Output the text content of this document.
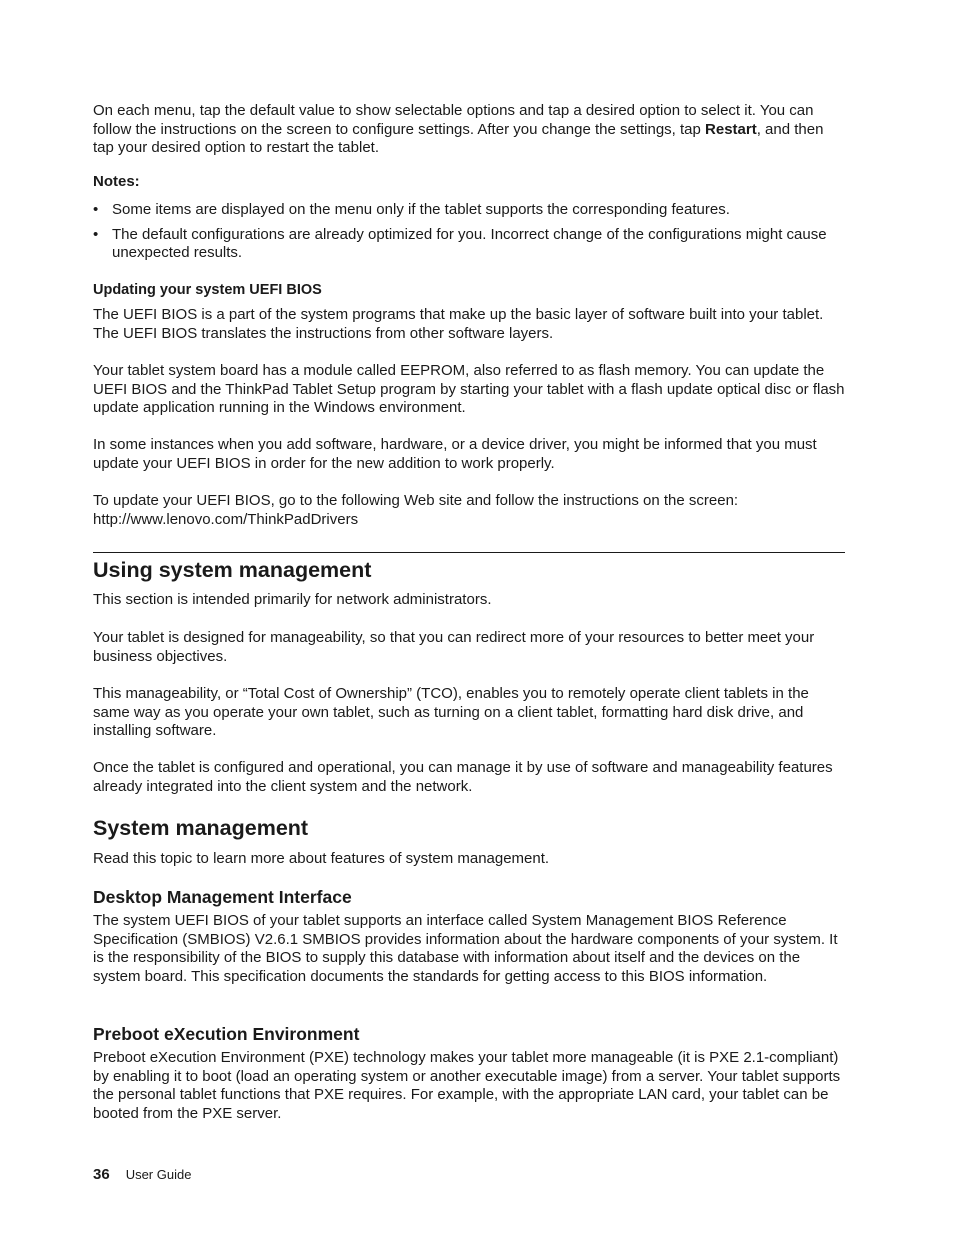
On each menu, tap the default value to show selectable options and tap a desired option to select it. You can follow the instructions on the screen to configure settings. After you change the settings, tap Restart, and then tap your desired option to restart the tablet.

Notes:

• Some items are displayed on the menu only if the tablet supports the corresponding features.
• The default configurations are already optimized for you. Incorrect change of the configurations might cause unexpected results.

Updating your system UEFI BIOS

The UEFI BIOS is a part of the system programs that make up the basic layer of software built into your tablet. The UEFI BIOS translates the instructions from other software layers.

Your tablet system board has a module called EEPROM, also referred to as flash memory. You can update the UEFI BIOS and the ThinkPad Tablet Setup program by starting your tablet with a flash update optical disc or flash update application running in the Windows environment.

In some instances when you add software, hardware, or a device driver, you might be informed that you must update your UEFI BIOS in order for the new addition to work properly.

To update your UEFI BIOS, go to the following Web site and follow the instructions on the screen:
http://www.lenovo.com/ThinkPadDrivers

Using system management

This section is intended primarily for network administrators.

Your tablet is designed for manageability, so that you can redirect more of your resources to better meet your business objectives.

This manageability, or “Total Cost of Ownership” (TCO), enables you to remotely operate client tablets in the same way as you operate your own tablet, such as turning on a client tablet, formatting hard disk drive, and installing software.

Once the tablet is configured and operational, you can manage it by use of software and manageability features already integrated into the client system and the network.

System management

Read this topic to learn more about features of system management.

Desktop Management Interface

The system UEFI BIOS of your tablet supports an interface called System Management BIOS Reference Specification (SMBIOS) V2.6.1 SMBIOS provides information about the hardware components of your system. It is the responsibility of the BIOS to supply this database with information about itself and the devices on the system board. This specification documents the standards for getting access to this BIOS information.

Preboot eXecution Environment

Preboot eXecution Environment (PXE) technology makes your tablet more manageable (it is PXE 2.1-compliant) by enabling it to boot (load an operating system or another executable image) from a server. Your tablet supports the personal tablet functions that PXE requires. For example, with the appropriate LAN card, your tablet can be booted from the PXE server.

36 User Guide
